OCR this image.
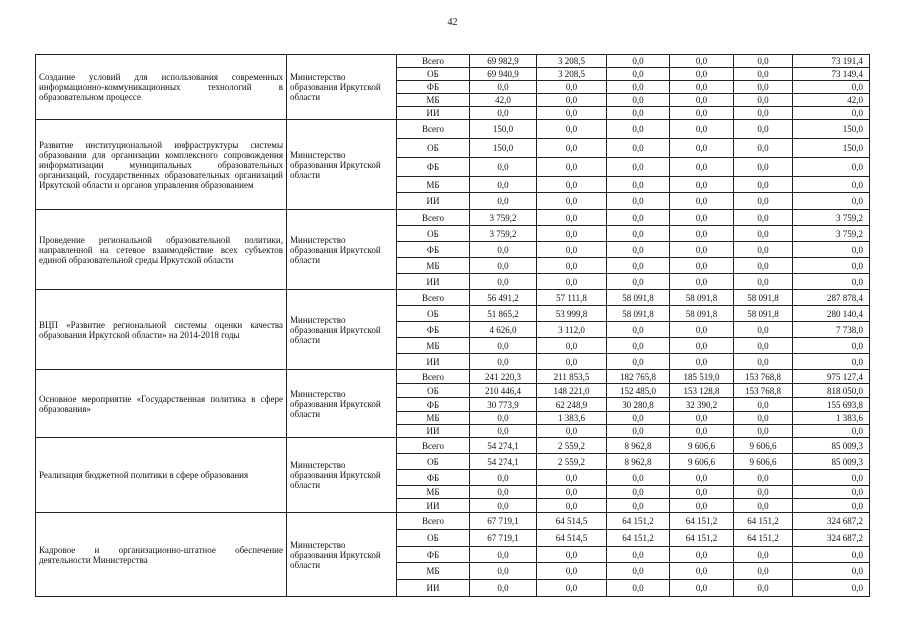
42
Создание условий для использования современных информационно-коммуникационных технологий в образовательном процессе	Министерство образования Иркутской области	Всего	69 982,9	3 208,5	0,0	0,0	0,0	73 191,4
		ОБ	69 940,9	3 208,5	0,0	0,0	0,0	73 149,4
		ФБ	0,0	0,0	0,0	0,0	0,0	0,0
		МБ	42,0	0,0	0,0	0,0	0,0	42,0
		ИИ	0,0	0,0	0,0	0,0	0,0	0,0
Развитие институциональной инфраструктуры системы образования для организации комплексного сопровождения информатизации муниципальных образовательных организаций, государственных образовательных организаций Иркутской области и органов управления образованием	Министерство образования Иркутской области	Всего	150,0	0,0	0,0	0,0	0,0	150,0
		ОБ	150,0	0,0	0,0	0,0	0,0	150,0
		ФБ	0,0	0,0	0,0	0,0	0,0	0,0
		МБ	0,0	0,0	0,0	0,0	0,0	0,0
		ИИ	0,0	0,0	0,0	0,0	0,0	0,0
Проведение региональной образовательной политики, направленной на сетевое взаимодействие всех субъектов единой образовательной среды Иркутской области	Министерство образования Иркутской области	Всего	3 759,2	0,0	0,0	0,0	0,0	3 759,2
		ОБ	3 759,2	0,0	0,0	0,0	0,0	3 759,2
		ФБ	0,0	0,0	0,0	0,0	0,0	0,0
		МБ	0,0	0,0	0,0	0,0	0,0	0,0
		ИИ	0,0	0,0	0,0	0,0	0,0	0,0
ВЦП «Развитие региональной системы оценки качества образования Иркутской области» на 2014-2018 годы	Министерство образования Иркутской области	Всего	56 491,2	57 111,8	58 091,8	58 091,8	58 091,8	287 878,4
		ОБ	51 865,2	53 999,8	58 091,8	58 091,8	58 091,8	280 140,4
		ФБ	4 626,0	3 112,0	0,0	0,0	0,0	7 738,0
		МБ	0,0	0,0	0,0	0,0	0,0	0,0
		ИИ	0,0	0,0	0,0	0,0	0,0	0,0
Основное мероприятие «Государственная политика в сфере образования»	Министерство образования Иркутской области	Всего	241 220,3	211 853,5	182 765,8	185 519,0	153 768,8	975 127,4
		ОБ	210 446,4	148 221,0	152 485,0	153 128,8	153 768,8	818 050,0
		ФБ	30 773,9	62 248,9	30 280,8	32 390,2	0,0	155 693,8
		МБ	0,0	1 383,6	0,0	0,0	0,0	1 383,6
		ИИ	0,0	0,0	0,0	0,0	0,0	0,0
Реализация бюджетной политики в сфере образования	Министерство образования Иркутской области	Всего	54 274,1	2 559,2	8 962,8	9 606,6	9 606,6	85 009,3
		ОБ	54 274,1	2 559,2	8 962,8	9 606,6	9 606,6	85 009,3
		ФБ	0,0	0,0	0,0	0,0	0,0	0,0
		МБ	0,0	0,0	0,0	0,0	0,0	0,0
		ИИ	0,0	0,0	0,0	0,0	0,0	0,0
Кадровое и организационно-штатное обеспечение деятельности Министерства	Министерство образования Иркутской области	Всего	67 719,1	64 514,5	64 151,2	64 151,2	64 151,2	324 687,2
		ОБ	67 719,1	64 514,5	64 151,2	64 151,2	64 151,2	324 687,2
		ФБ	0,0	0,0	0,0	0,0	0,0	0,0
		МБ	0,0	0,0	0,0	0,0	0,0	0,0
		ИИ	0,0	0,0	0,0	0,0	0,0	0,0
